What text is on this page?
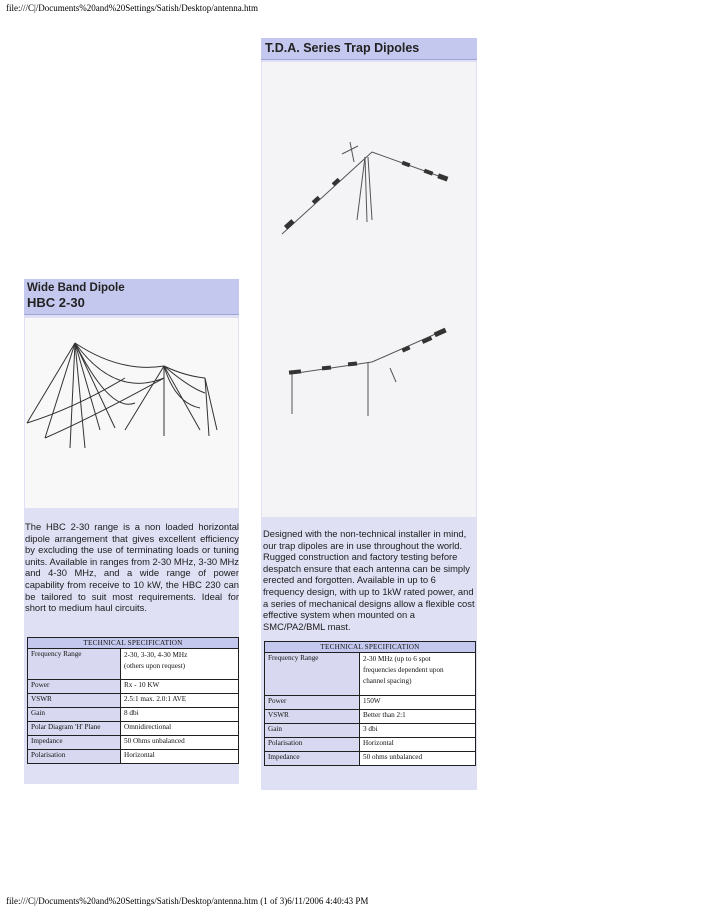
file:///C|/Documents%20and%20Settings/Satish/Desktop/antenna.htm
T.D.A. Series Trap Dipoles

Designed with the non-technical installer in mind, our trap dipoles are in use throughout the world. Rugged construction and factory testing before despatch ensure that each antenna can be simply erected and forgotten. Available in up to 6 frequency design, with up to 1kW rated power, and a series of mechanical designs allow a flexible cost effective system when mounted on a SMC/PA2/BML mast.

TECHNICAL SPECIFICATION	
Frequency Range	2-30 MHz (up to 6 spot
frequencies dependent upon
channel spacing)

Power	150W
VSWR	Better than 2:1
Gain	3 dbi
Polarisation	Horizontal
Impedance	50 ohms unbalanced
Wide Band Dipole
HBC 2-30

The HBC 2-30 range is a non loaded horizontal dipole arrangement that gives excellent efficiency by excluding the use of terminating loads or tuning units. Available in ranges from 2-30 MHz, 3-30 MHz and 4-30 MHz, and a wide range of power capability from receive to 10 kW, the HBC 230 can be tailored to suit most requirements. Ideal for short to medium haul circuits.

TECHNICAL SPECIFICATION	
Frequency Range	2-30, 3-30, 4-30 MHz
(others upon request)

Power	Rx - 10 KW
VSWR	2.5:1 max. 2.0:1 AVE
Gain	8 dbi
Polar Diagram 'H' Plane	Omnidirectional
Impedance	50 Ohms unbalanced
Polarisation	Horizontal
file:///C|/Documents%20and%20Settings/Satish/Desktop/antenna.htm (1 of 3)6/11/2006 4:40:43 PM
